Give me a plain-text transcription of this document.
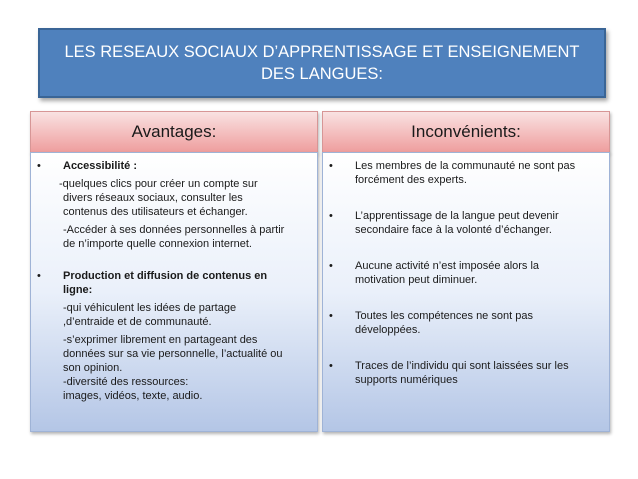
LES RESEAUX SOCIAUX D’APPRENTISSAGE ET ENSEIGNEMENT
DES LANGUES:
Avantages:	Inconvénients:
• Accessibilité :

-quelques clics pour créer un compte sur

divers réseaux sociaux, consulter les

contenus des utilisateurs et échanger.

-Accéder à ses données personnelles à partir

de n’importe quelle connexion internet.

• Production et diffusion de contenus en

ligne:

-qui véhiculent les idées de partage

,d’entraide et de communauté.

-s’exprimer librement en partageant des

données sur sa vie personnelle, l’actualité ou

son opinion.

-diversité des ressources:

images, vidéos, texte, audio.

• Les membres de la communauté ne sont pas

forcément des experts.

• L’apprentissage de la langue peut devenir

secondaire face à la volonté d’échanger.

• Aucune activité n’est imposée alors la

motivation peut diminuer.

• Toutes les compétences ne sont pas

développées.

• Traces de l’individu qui sont laissées sur les

supports numériques
